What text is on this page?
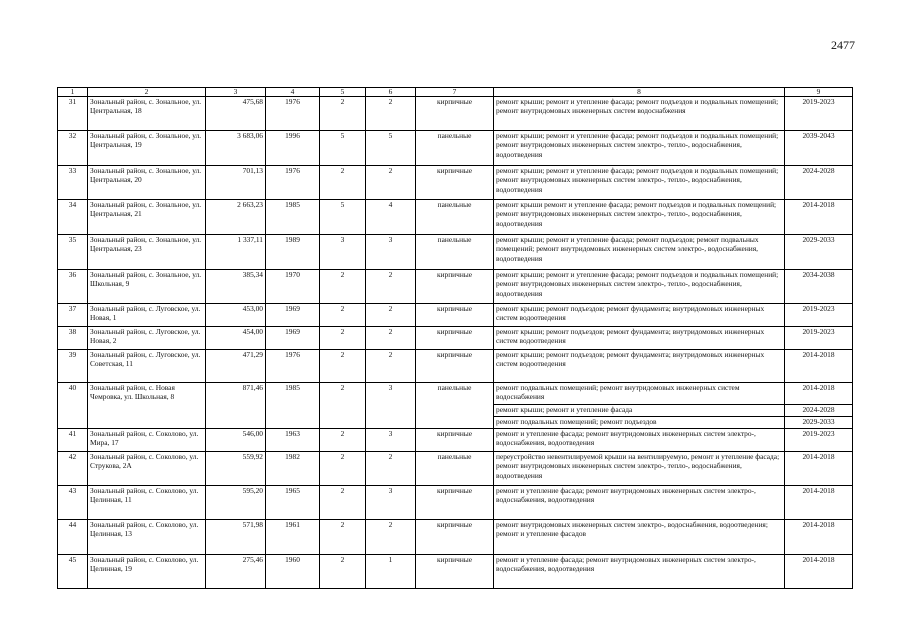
2477
1	2	3	4	5	6	7	8	9
31	Зональный район, с. Зональное, ул. Центральная, 18	475,68	1976	2	2	кирпичные	ремонт крыши; ремонт и утепление фасада; ремонт подъездов и подвальных помещений; ремонт внутридомовых инженерных систем водоснабжения	2019-2023
32	Зональный район, с. Зональное, ул. Центральная, 19	3 683,06	1996	5	5	панельные	ремонт крыши; ремонт и утепление фасада; ремонт подъездов и подвальных помещений; ремонт внутридомовых инженерных систем электро-, тепло-, водоснабжения, водоотведения	2039-2043
33	Зональный район, с. Зональное, ул. Центральная, 20	701,13	1976	2	2	кирпичные	ремонт крыши; ремонт и утепление фасада; ремонт подъездов и подвальных помещений; ремонт внутридомовых инженерных систем электро-, тепло-, водоснабжения, водоотведения	2024-2028
34	Зональный район, с. Зональное, ул. Центральная, 21	2 663,23	1985	5	4	панельные	ремонт крыши ремонт и утепление фасада; ремонт подъездов и подвальных помещений; ремонт внутридомовых инженерных систем электро-, тепло-, водоснабжения, водоотведения	2014-2018
35	Зональный район, с. Зональное, ул. Центральная, 23	1 337,11	1989	3	3	панельные	ремонт крыши; ремонт и утепление фасада; ремонт подъездов; ремонт подвальных помещений; ремонт внутридомовых инженерных систем электро-, водоснабжения, водоотведения	2029-2033
36	Зональный район, с. Зональное, ул. Школьная, 9	385,34	1970	2	2	кирпичные	ремонт крыши; ремонт и утепление фасада; ремонт подъездов и подвальных помещений; ремонт внутридомовых инженерных систем электро-, тепло-, водоснабжения, водоотведения	2034-2038
37	Зональный район, с. Луговское, ул. Новая, 1	453,00	1969	2	2	кирпичные	ремонт крыши; ремонт подъездов; ремонт фундамента; внутридомовых инженерных систем водоотведения	2019-2023
38	Зональный район, с. Луговское, ул. Новая, 2	454,00	1969	2	2	кирпичные	ремонт крыши; ремонт подъездов; ремонт фундамента; внутридомовых инженерных систем водоотведения	2019-2023
39	Зональный район, с. Луговское, ул. Советская, 11	471,29	1976	2	2	кирпичные	ремонт крыши; ремонт подъездов; ремонт фундамента; внутридомовых инженерных систем водоотведения	2014-2018
40	Зональный район, с. Новая Чемровка, ул. Школьная, 8	871,46	1985	2	3	панельные	ремонт подвальных помещений; ремонт внутридомовых инженерных систем водоснабжения	2014-2018
							ремонт крыши; ремонт и утепление фасада	2024-2028
							ремонт подвальных помещений; ремонт подъездов	2029-2033
41	Зональный район, с. Соколово, ул. Мира, 17	546,00	1963	2	3	кирпичные	ремонт и утепление фасада; ремонт внутридомовых инженерных систем электро-, водоснабжения, водоотведения	2019-2023
42	Зональный район, с. Соколово, ул. Струкова, 2А	559,92	1982	2	2	панельные	переустройство невентилируемой крыши на вентилируемую, ремонт и утепление фасада; ремонт внутридомовых инженерных систем электро-, тепло-, водоснабжения, водоотведения	2014-2018
43	Зональный район, с. Соколово, ул. Целинная, 11	595,20	1965	2	3	кирпичные	ремонт и утепление фасада; ремонт внутридомовых инженерных систем электро-, водоснабжения, водоотведения	2014-2018
44	Зональный район, с. Соколово, ул. Целинная, 13	571,98	1961	2	2	кирпичные	ремонт внутридомовых инженерных систем электро-, водоснабжения, водоотведения; ремонт и утепление фасадов	2014-2018
45	Зональный район, с. Соколово, ул. Целинная, 19	275,46	1960	2	1	кирпичные	ремонт и утепление фасада; ремонт внутридомовых инженерных систем электро-, водоснабжения, водоотведения	2014-2018
